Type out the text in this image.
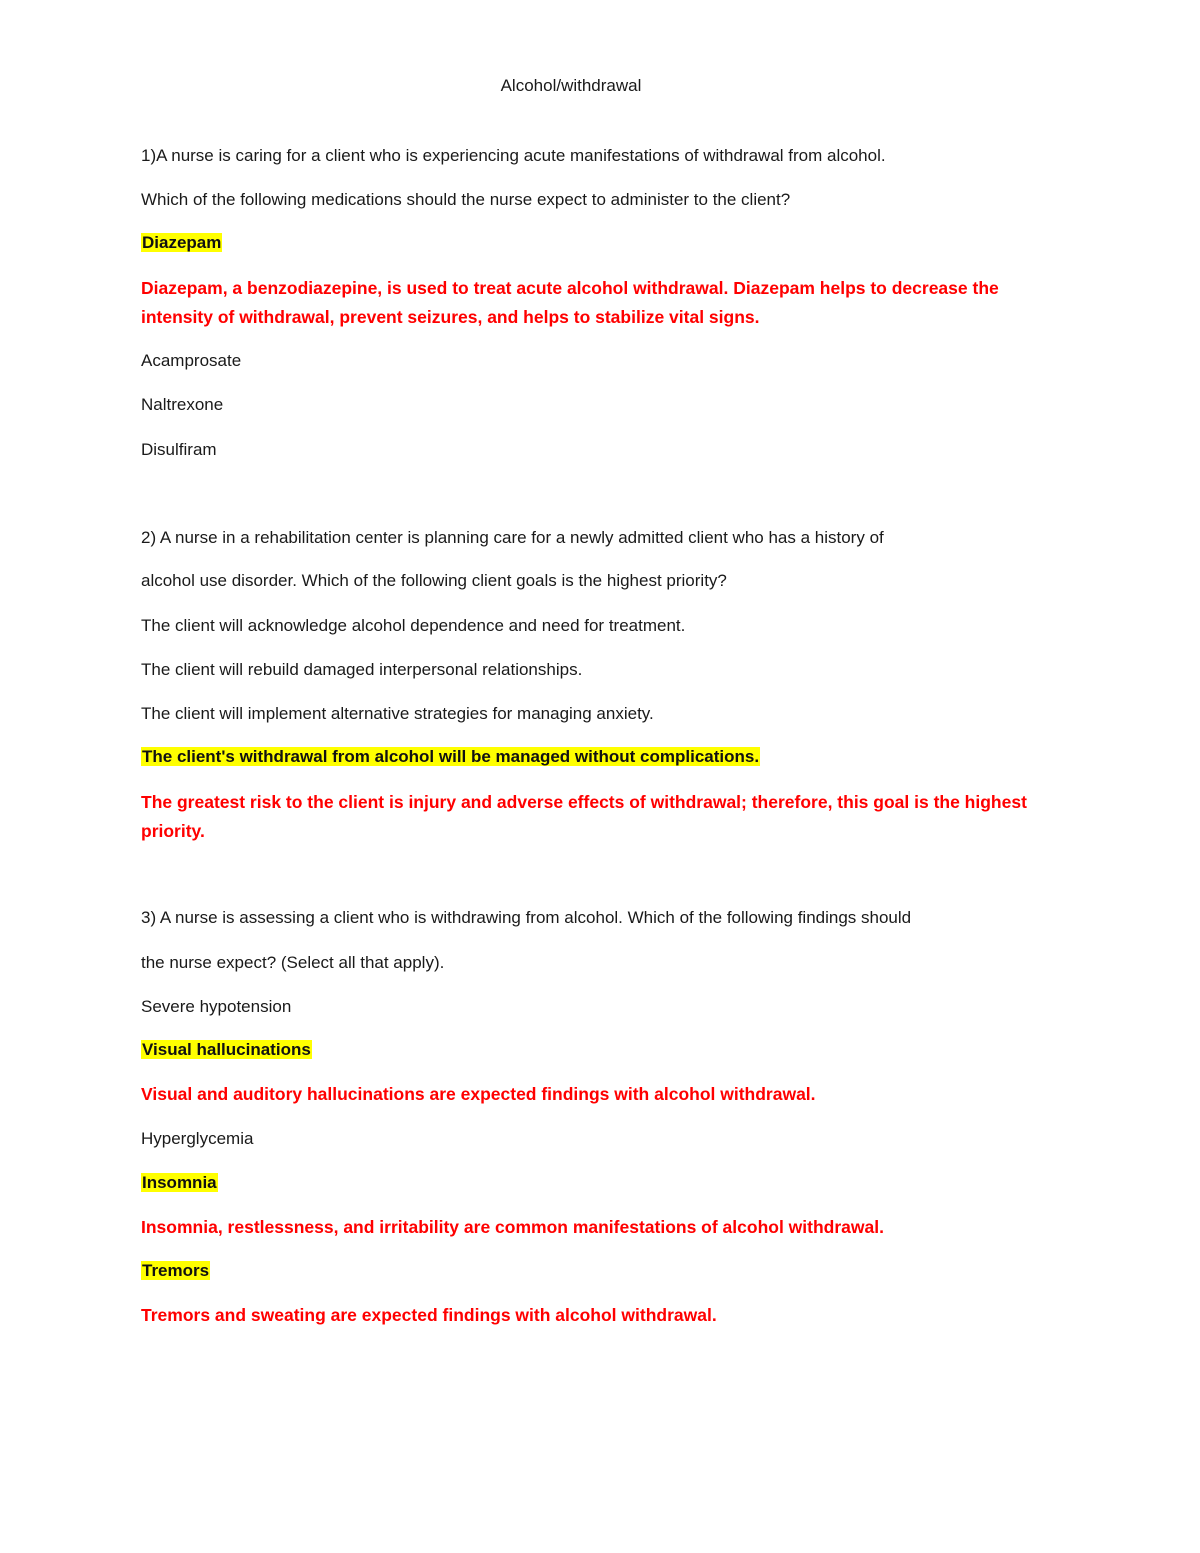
Alcohol/withdrawal
1)A nurse is caring for a client who is experiencing acute manifestations of withdrawal from alcohol.
Which of the following medications should the nurse expect to administer to the client?
Diazepam
Diazepam, a benzodiazepine, is used to treat acute alcohol withdrawal. Diazepam helps to decrease the intensity of withdrawal, prevent seizures, and helps to stabilize vital signs.
Acamprosate
Naltrexone
Disulfiram
2) A nurse in a rehabilitation center is planning care for a newly admitted client who has a history of
alcohol use disorder. Which of the following client goals is the highest priority?
The client will acknowledge alcohol dependence and need for treatment.
The client will rebuild damaged interpersonal relationships.
The client will implement alternative strategies for managing anxiety.
The client's withdrawal from alcohol will be managed without complications.
The greatest risk to the client is injury and adverse effects of withdrawal; therefore, this goal is the highest priority.
3) A nurse is assessing a client who is withdrawing from alcohol. Which of the following findings should
the nurse expect? (Select all that apply).
Severe hypotension
Visual hallucinations
Visual and auditory hallucinations are expected findings with alcohol withdrawal.
Hyperglycemia
Insomnia
Insomnia, restlessness, and irritability are common manifestations of alcohol withdrawal.
Tremors
Tremors and sweating are expected findings with alcohol withdrawal.
